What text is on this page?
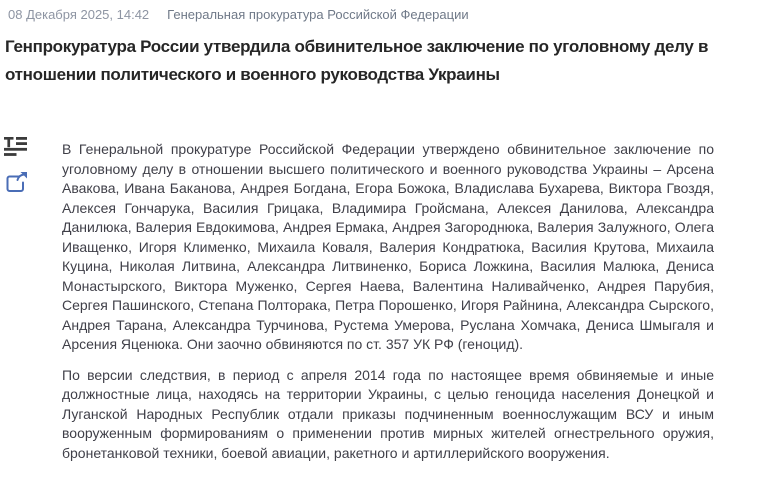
08 Декабря 2025, 14:42 Генеральная прокуратура Российской Федерации
Генпрокуратура России утвердила обвинительное заключение по уголовному делу в отношении политического и военного руководства Украины

В Генеральной прокуратуре Российской Федерации утверждено обвинительное заключение по уголовному делу в отношении высшего политического и военного руководства Украины – Арсена Авакова, Ивана Баканова, Андрея Богдана, Егора Божока, Владислава Бухарева, Виктора Гвоздя, Алексея Гончарука, Василия Грицака, Владимира Гройсмана, Алексея Данилова, Александра Данилюка, Валерия Евдокимова, Андрея Ермака, Андрея Загороднюка, Валерия Залужного, Олега Иващенко, Игоря Клименко, Михаила Коваля, Валерия Кондратюка, Василия Крутова, Михаила Куцина, Николая Литвина, Александра Литвиненко, Бориса Ложкина, Василия Малюка, Дениса Монастырского, Виктора Муженко, Сергея Наева, Валентина Наливайченко, Андрея Парубия, Сергея Пашинского, Степана Полторака, Петра Порошенко, Игоря Райнина, Александра Сырского, Андрея Тарана, Александра Турчинова, Рустема Умерова, Руслана Хомчака, Дениса Шмыгаля и Арсения Яценюка. Они заочно обвиняются по ст. 357 УК РФ (геноцид).

По версии следствия, в период с апреля 2014 года по настоящее время обвиняемые и иные должностные лица, находясь на территории Украины, с целью геноцида населения Донецкой и Луганской Народных Республик отдали приказы подчиненным военнослужащим ВСУ и иным вооруженным формированиям о применении против мирных жителей огнестрельного оружия, бронетанковой техники, боевой авиации, ракетного и артиллерийского вооружения.
